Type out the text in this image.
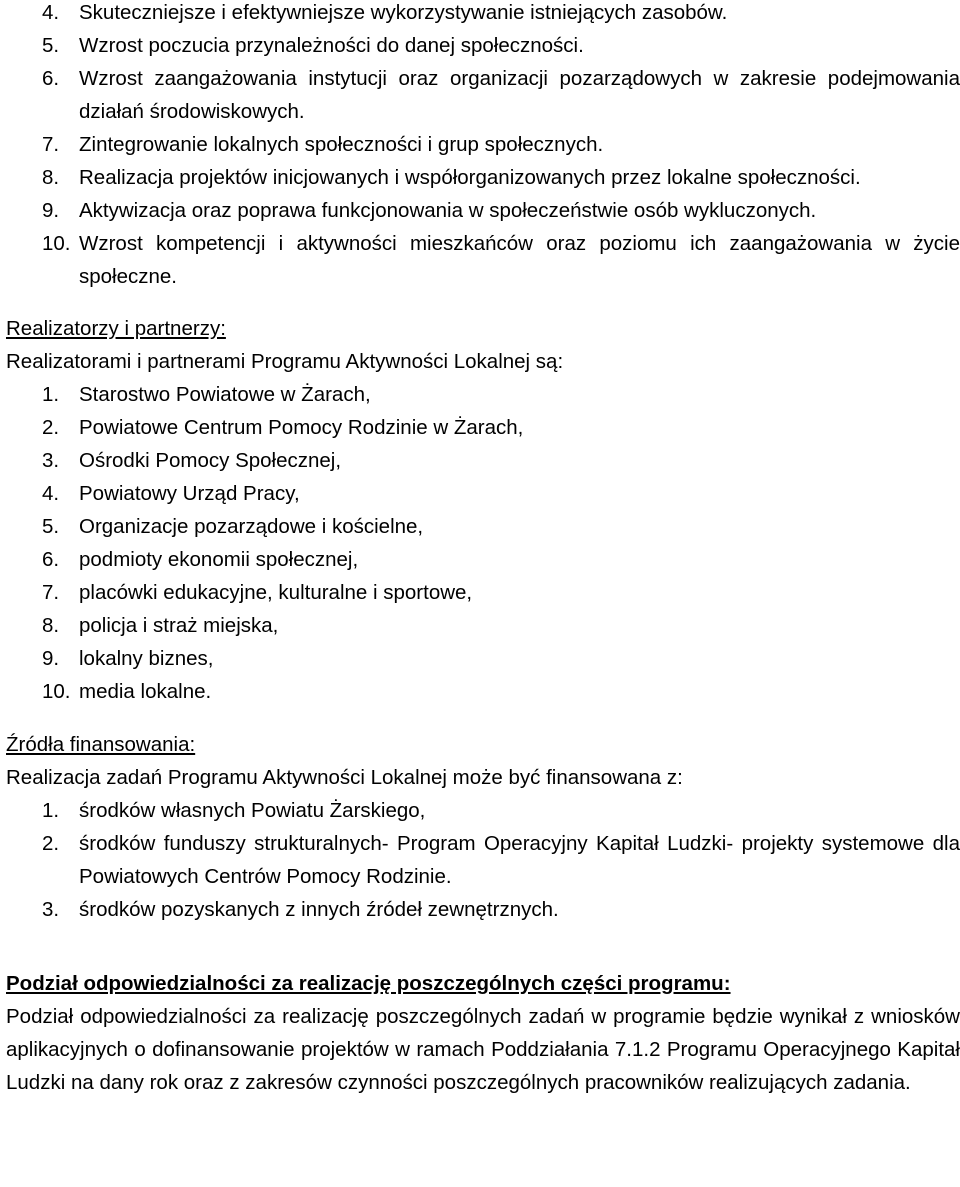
4. Skuteczniejsze i efektywniejsze wykorzystywanie istniejących zasobów.
5. Wzrost poczucia przynależności do danej społeczności.
6. Wzrost zaangażowania instytucji oraz organizacji pozarządowych w zakresie podejmowania działań środowiskowych.
7. Zintegrowanie lokalnych społeczności i grup społecznych.
8. Realizacja projektów inicjowanych i współorganizowanych przez lokalne społeczności.
9. Aktywizacja oraz poprawa funkcjonowania w społeczeństwie osób wykluczonych.
10. Wzrost kompetencji i aktywności mieszkańców oraz poziomu ich zaangażowania w życie społeczne.
Realizatorzy i partnerzy:
Realizatorami i partnerami Programu Aktywności Lokalnej są:
1. Starostwo Powiatowe w Żarach,
2. Powiatowe Centrum Pomocy Rodzinie w Żarach,
3. Ośrodki Pomocy Społecznej,
4. Powiatowy Urząd Pracy,
5. Organizacje pozarządowe i kościelne,
6. podmioty ekonomii społecznej,
7. placówki edukacyjne, kulturalne i sportowe,
8. policja i straż miejska,
9. lokalny biznes,
10. media lokalne.
Źródła finansowania:
Realizacja zadań Programu Aktywności Lokalnej może być finansowana z:
1. środków własnych Powiatu Żarskiego,
2. środków funduszy strukturalnych- Program Operacyjny Kapitał Ludzki- projekty systemowe dla Powiatowych Centrów Pomocy Rodzinie.
3. środków pozyskanych z innych źródeł zewnętrznych.
Podział odpowiedzialności za realizację poszczególnych części programu:
Podział odpowiedzialności za realizację poszczególnych zadań w programie będzie wynikał z wniosków aplikacyjnych o dofinansowanie projektów w ramach Poddziałania 7.1.2 Programu Operacyjnego Kapitał Ludzki na dany rok oraz z zakresów czynności poszczególnych pracowników realizujących zadania.
